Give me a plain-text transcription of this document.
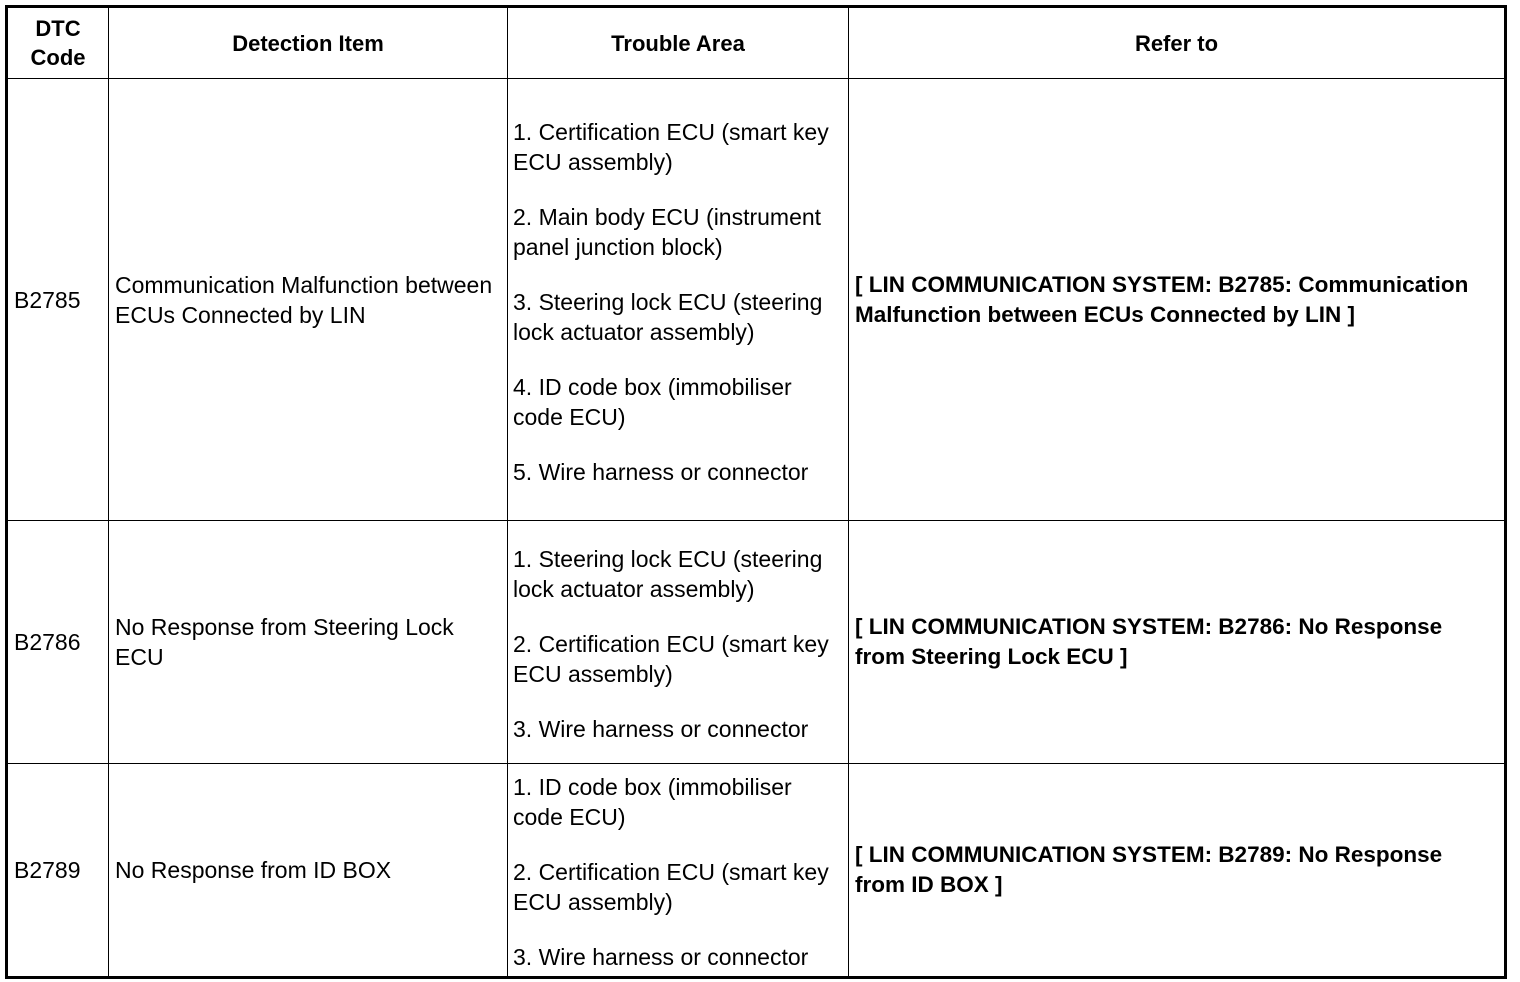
DTC
Code	Detection Item	Trouble Area	Refer to
B2785	Communication Malfunction between ECUs Connected by LIN	1. Certification ECU (smart key ECU assembly)
2. Main body ECU (instrument panel junction block)
3. Steering lock ECU (steering lock actuator assembly)
4. ID code box (immobiliser code ECU)
5. Wire harness or connector	[ LIN COMMUNICATION SYSTEM: B2785: Communication Malfunction between ECUs Connected by LIN ]
B2786	No Response from Steering Lock ECU	1. Steering lock ECU (steering lock actuator assembly)
2. Certification ECU (smart key ECU assembly)
3. Wire harness or connector	[ LIN COMMUNICATION SYSTEM: B2786: No Response from Steering Lock ECU ]
B2789	No Response from ID BOX	1. ID code box (immobiliser code ECU)
2. Certification ECU (smart key ECU assembly)
3. Wire harness or connector	[ LIN COMMUNICATION SYSTEM: B2789: No Response from ID BOX ]
